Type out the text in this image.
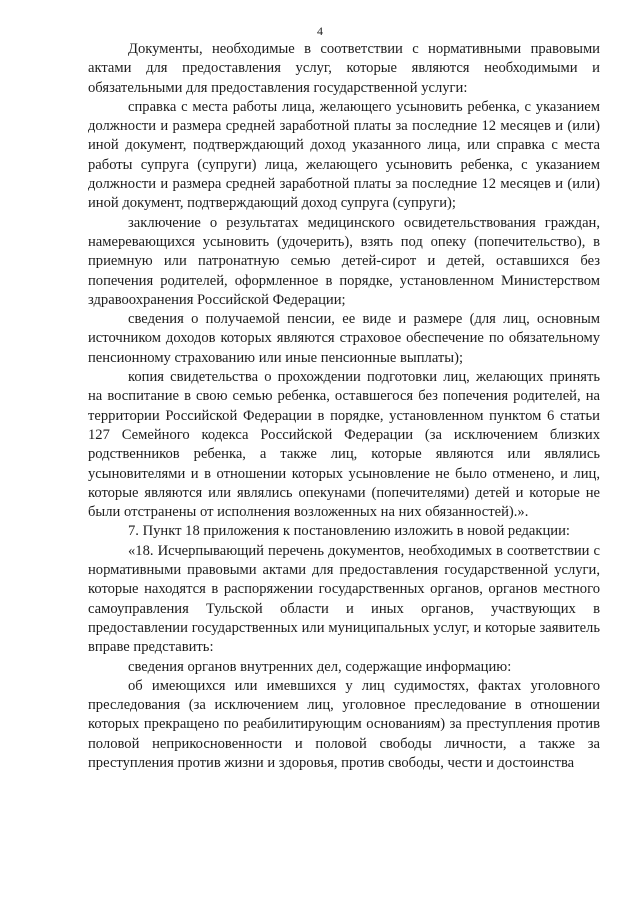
4

Документы, необходимые в соответствии с нормативными правовыми актами для предоставления услуг, которые являются необходимыми и обязательными для предоставления государственной услуги:

справка с места работы лица, желающего усыновить ребенка, с указанием должности и размера средней заработной платы за последние 12 месяцев и (или) иной документ, подтверждающий доход указанного лица, или справка с места работы супруга (супруги) лица, желающего усыновить ребенка, с указанием должности и размера средней заработной платы за последние 12 месяцев и (или) иной документ, подтверждающий доход супруга (супруги);

заключение о результатах медицинского освидетельствования граждан, намеревающихся усыновить (удочерить), взять под опеку (попечительство), в приемную или патронатную семью детей-сирот и детей, оставшихся без попечения родителей, оформленное в порядке, установленном Министерством здравоохранения Российской Федерации;

сведения о получаемой пенсии, ее виде и размере (для лиц, основным источником доходов которых являются страховое обеспечение по обязательному пенсионному страхованию или иные пенсионные выплаты);

копия свидетельства о прохождении подготовки лиц, желающих принять на воспитание в свою семью ребенка, оставшегося без попечения родителей, на территории Российской Федерации в порядке, установленном пунктом 6 статьи 127 Семейного кодекса Российской Федерации (за исключением близких родственников ребенка, а также лиц, которые являются или являлись усыновителями и в отношении которых усыновление не было отменено, и лиц, которые являются или являлись опекунами (попечителями) детей и которые не были отстранены от исполнения возложенных на них обязанностей).».

7. Пункт 18 приложения к постановлению изложить в новой редакции:

«18. Исчерпывающий перечень документов, необходимых в соответствии с нормативными правовыми актами для предоставления государственной услуги, которые находятся в распоряжении государственных органов, органов местного самоуправления Тульской области и иных органов, участвующих в предоставлении государственных или муниципальных услуг, и которые заявитель вправе представить:

сведения органов внутренних дел, содержащие информацию:

об имеющихся или имевшихся у лиц судимостях, фактах уголовного преследования (за исключением лиц, уголовное преследование в отношении которых прекращено по реабилитирующим основаниям) за преступления против половой неприкосновенности и половой свободы личности, а также за преступления против жизни и здоровья, против свободы, чести и достоинства
